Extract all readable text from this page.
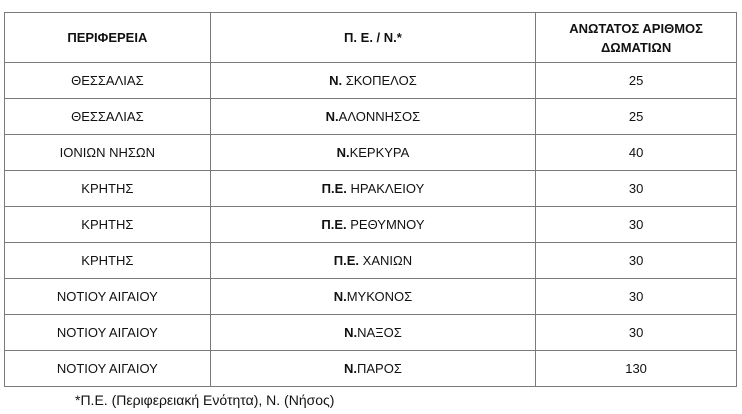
ΠΕΡΙΦΕΡΕΙΑ	Π. Ε. / Ν.*	ΑΝΩΤΑΤΟΣ ΑΡΙΘΜΟΣ ΔΩΜΑΤΙΩΝ
ΘΕΣΣΑΛΙΑΣ	Ν. ΣΚΟΠΕΛΟΣ	25
ΘΕΣΣΑΛΙΑΣ	Ν.ΑΛΟΝΝΗΣΟΣ	25
ΙΟΝΙΩΝ ΝΗΣΩΝ	Ν.ΚΕΡΚΥΡΑ	40
ΚΡΗΤΗΣ	Π.Ε. ΗΡΑΚΛΕΙΟΥ	30
ΚΡΗΤΗΣ	Π.Ε. ΡΕΘΥΜΝΟΥ	30
ΚΡΗΤΗΣ	Π.Ε. ΧΑΝΙΩΝ	30
ΝΟΤΙΟΥ ΑΙΓΑΙΟΥ	Ν.ΜΥΚΟΝΟΣ	30
ΝΟΤΙΟΥ ΑΙΓΑΙΟΥ	Ν.ΝΑΞΟΣ	30
ΝΟΤΙΟΥ ΑΙΓΑΙΟΥ	Ν.ΠΑΡΟΣ	130
*Π.Ε. (Περιφερειακή Ενότητα), Ν. (Νήσος)
